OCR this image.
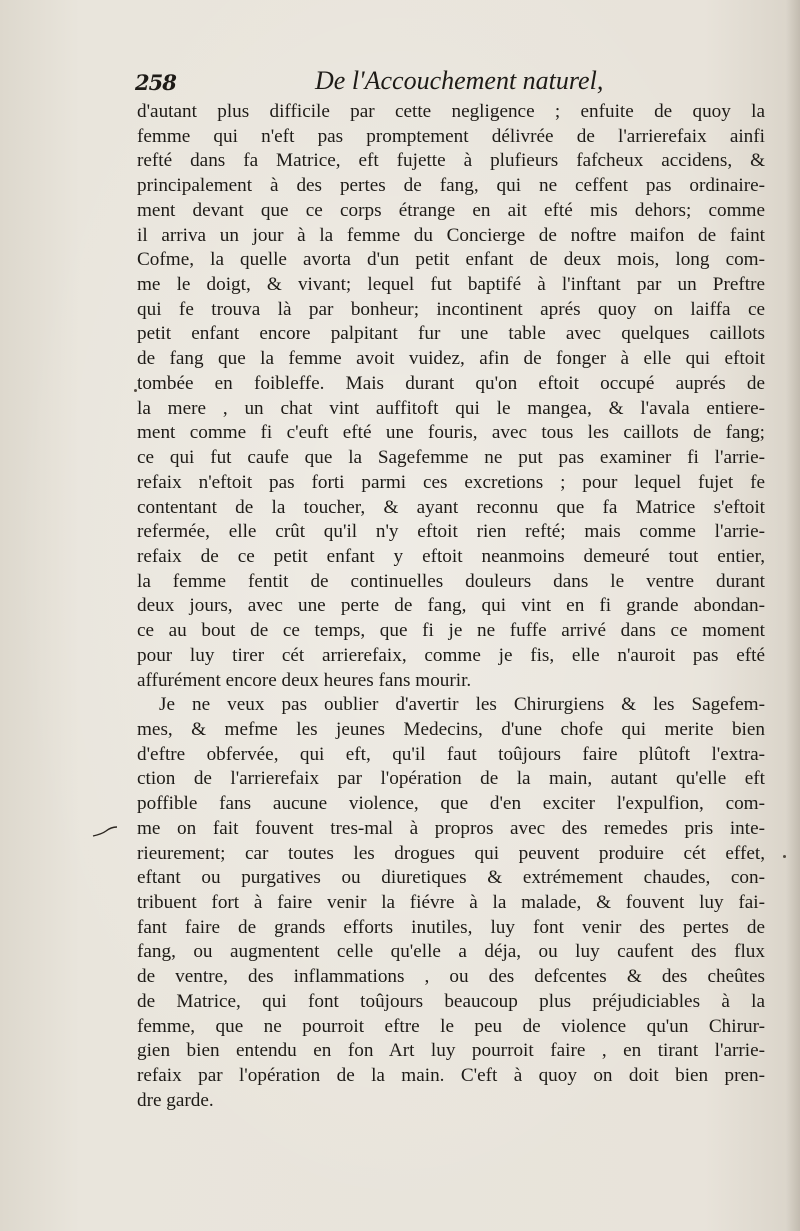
258	De l'Accouchement naturel,
d'autant plus difficile par cette negligence ; enfuite de quoy la
femme qui n'eft pas promptement délivrée de l'arrierefaix ainfi
refté dans fa Matrice, eft fujette à plufieurs fafcheux accidens, &
principalement à des pertes de fang, qui ne ceffent pas ordinaire-
ment devant que ce corps étrange en ait efté mis dehors; comme
il arriva un jour à la femme du Concierge de noftre maifon de faint
Cofme, la quelle avorta d'un petit enfant de deux mois, long com-
me le doigt, & vivant; lequel fut baptifé à l'inftant par un Preftre
qui fe trouva là par bonheur; incontinent aprés quoy on laiffa ce
petit enfant encore palpitant fur une table avec quelques caillots
de fang que la femme avoit vuidez, afin de fonger à elle qui eftoit
tombée en foibleffe. Mais durant qu'on eftoit occupé auprés de
la mere , un chat vint auffitoft qui le mangea, & l'avala entiere-
ment comme fi c'euft efté une fouris, avec tous les caillots de fang;
ce qui fut caufe que la Sagefemme ne put pas examiner fi l'arrie-
refaix n'eftoit pas forti parmi ces excretions ; pour lequel fujet fe
contentant de la toucher, & ayant reconnu que fa Matrice s'eftoit
refermée, elle crût qu'il n'y eftoit rien refté; mais comme l'arrie-
refaix de ce petit enfant y eftoit neanmoins demeuré tout entier,
la femme fentit de continuelles douleurs dans le ventre durant
deux jours, avec une perte de fang, qui vint en fi grande abondan-
ce au bout de ce temps, que fi je ne fuffe arrivé dans ce moment
pour luy tirer cét arrierefaix, comme je fis, elle n'auroit pas efté
affurément encore deux heures fans mourir.
Je ne veux pas oublier d'avertir les Chirurgiens & les Sagefem-
mes, & mefme les jeunes Medecins, d'une chofe qui merite bien
d'eftre obfervée, qui eft, qu'il faut toûjours faire plûtoft l'extra-
ction de l'arrierefaix par l'opération de la main, autant qu'elle eft
poffible fans aucune violence, que d'en exciter l'expulfion, com-
me on fait fouvent tres-mal à propros avec des remedes pris inte-
rieurement; car toutes les drogues qui peuvent produire cét effet,
eftant ou purgatives ou diuretiques & extrémement chaudes, con-
tribuent fort à faire venir la fiévre à la malade, & fouvent luy fai-
fant faire de grands efforts inutiles, luy font venir des pertes de
fang, ou augmentent celle qu'elle a déja, ou luy caufent des flux
de ventre, des inflammations , ou des defcentes & des cheûtes
de Matrice, qui font toûjours beaucoup plus préjudiciables à la
femme, que ne pourroit eftre le peu de violence qu'un Chirur-
gien bien entendu en fon Art luy pourroit faire , en tirant l'arrie-
refaix par l'opération de la main. C'eft à quoy on doit bien pren-
dre garde.
